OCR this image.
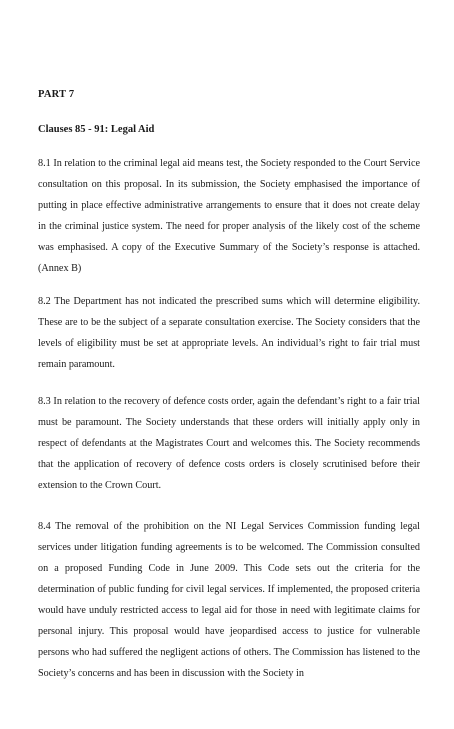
PART 7
Clauses 85 - 91: Legal Aid

8.1 In relation to the criminal legal aid means test, the Society responded to the Court Service consultation on this proposal. In its submission, the Society emphasised the importance of putting in place effective administrative arrangements to ensure that it does not create delay in the criminal justice system. The need for proper analysis of the likely cost of the scheme was emphasised. A copy of the Executive Summary of the Society’s response is attached. (Annex B)

8.2 The Department has not indicated the prescribed sums which will determine eligibility. These are to be the subject of a separate consultation exercise. The Society considers that the levels of eligibility must be set at appropriate levels. An individual’s right to fair trial must remain paramount.

8.3 In relation to the recovery of defence costs order, again the defendant’s right to a fair trial must be paramount. The Society understands that these orders will initially apply only in respect of defendants at the Magistrates Court and welcomes this. The Society recommends that the application of recovery of defence costs orders is closely scrutinised before their extension to the Crown Court.

8.4 The removal of the prohibition on the NI Legal Services Commission funding legal services under litigation funding agreements is to be welcomed. The Commission consulted on a proposed Funding Code in June 2009. This Code sets out the criteria for the determination of public funding for civil legal services. If implemented, the proposed criteria would have unduly restricted access to legal aid for those in need with legitimate claims for personal injury. This proposal would have jeopardised access to justice for vulnerable persons who had suffered the negligent actions of others. The Commission has listened to the Society’s concerns and has been in discussion with the Society in
